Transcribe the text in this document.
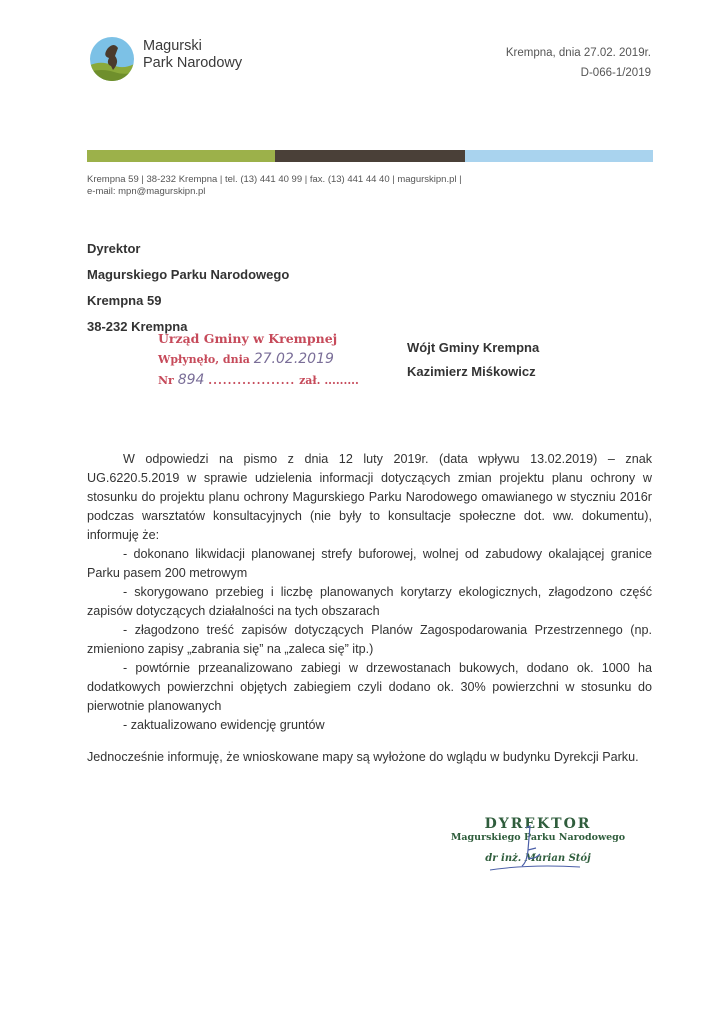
Magurski
Park Narodowy
Krempna, dnia 27.02. 2019r.
D-066-1/2019
Krempna 59 | 38-232 Krempna | tel. (13) 441 40 99 | fax. (13) 441 44 40 | magurskipn.pl |
e-mail: mpn@magurskipn.pl
Dyrektor
Magurskiego Parku Narodowego
Krempna 59
38-232 Krempna
Urząd Gminy w Krempnej
Wpłynęło, dnia 27.02.2019
Nr 894 .................. zał. .........
Wójt Gminy Krempna
Kazimierz Miśkowicz

W odpowiedzi na pismo z dnia 12 luty 2019r. (data wpływu 13.02.2019) – znak UG.6220.5.2019 w sprawie udzielenia informacji dotyczących zmian projektu planu ochrony w stosunku do projektu planu ochrony Magurskiego Parku Narodowego omawianego w styczniu 2016r podczas warsztatów konsultacyjnych (nie były to konsultacje społeczne dot. ww. dokumentu), informuję że:

- dokonano likwidacji planowanej strefy buforowej, wolnej od zabudowy okalającej granice Parku pasem 200 metrowym

- skorygowano przebieg i liczbę planowanych korytarzy ekologicznych, złagodzono część zapisów dotyczących działalności na tych obszarach

- złagodzono treść zapisów dotyczących Planów Zagospodarowania Przestrzennego (np. zmieniono zapisy „zabrania się” na „zaleca się” itp.)

- powtórnie przeanalizowano zabiegi w drzewostanach bukowych, dodano ok. 1000 ha dodatkowych powierzchni objętych zabiegiem czyli dodano ok. 30% powierzchni w stosunku do pierwotnie planowanych

- zaktualizowano ewidencję gruntów

Jednocześnie informuję, że wnioskowane mapy są wyłożone do wglądu w budynku Dyrekcji Parku.
DYREKTOR
Magurskiego Parku Narodowego
dr inż. Marian Stój
